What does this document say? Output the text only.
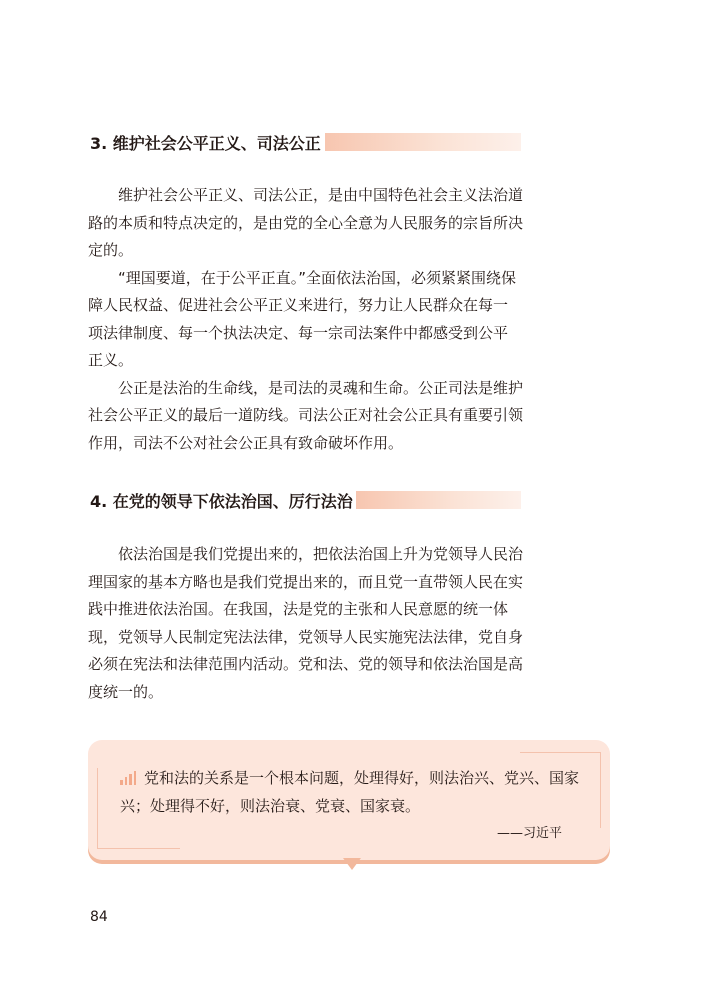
3. 维护社会公平正义、司法公正
　　维护社会公平正义、司法公正，是由中国特色社会主义法治道
路的本质和特点决定的，是由党的全心全意为人民服务的宗旨所决
定的。
　　“理国要道，在于公平正直。”全面依法治国，必须紧紧围绕保
障人民权益、促进社会公平正义来进行，努力让人民群众在每一
项法律制度、每一个执法决定、每一宗司法案件中都感受到公平
正义。
　　公正是法治的生命线，是司法的灵魂和生命。公正司法是维护
社会公平正义的最后一道防线。司法公正对社会公正具有重要引领
作用，司法不公对社会公正具有致命破坏作用。
4. 在党的领导下依法治国、厉行法治
　　依法治国是我们党提出来的，把依法治国上升为党领导人民治
理国家的基本方略也是我们党提出来的，而且党一直带领人民在实
践中推进依法治国。在我国，法是党的主张和人民意愿的统一体
现，党领导人民制定宪法法律，党领导人民实施宪法法律，党自身
必须在宪法和法律范围内活动。党和法、党的领导和依法治国是高
度统一的。
党和法的关系是一个根本问题，处理得好，则法治兴、党兴、国家
兴；处理得不好，则法治衰、党衰、国家衰。
——习近平
84
